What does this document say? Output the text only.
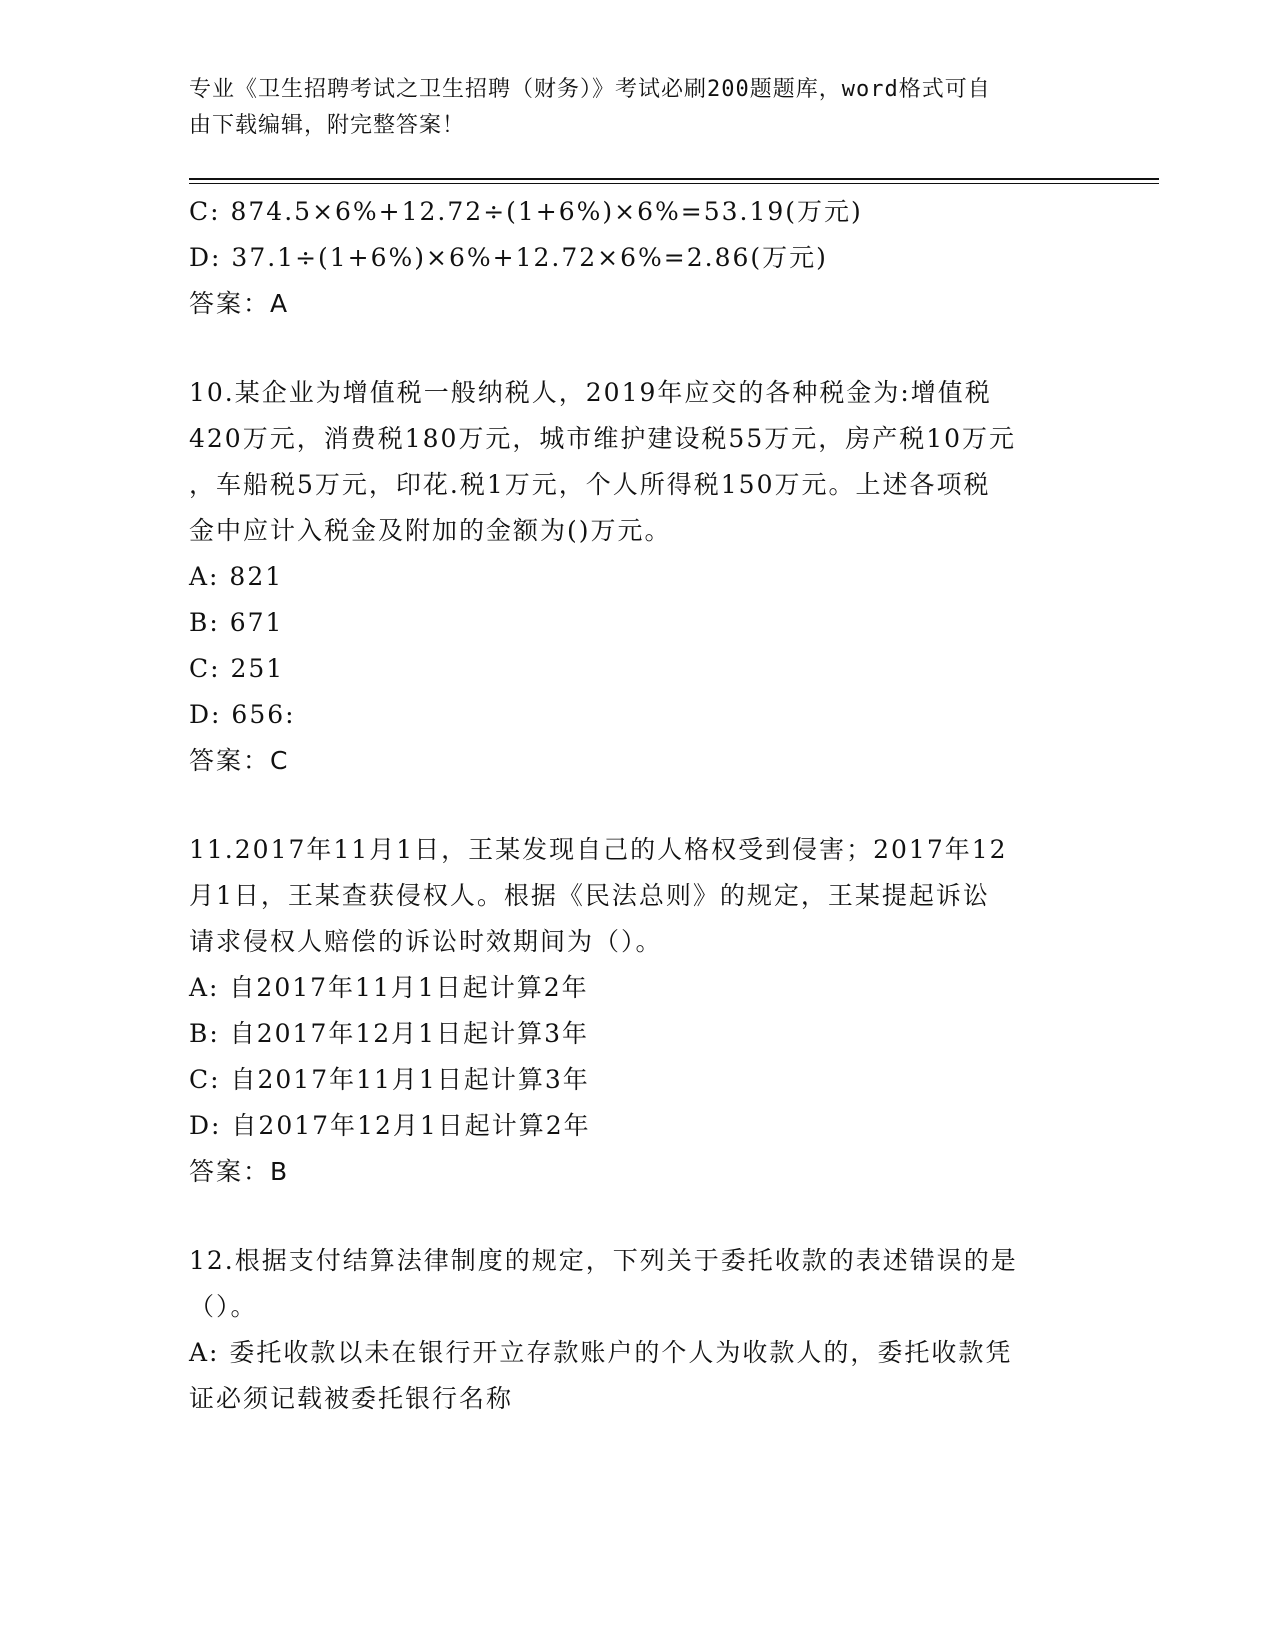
专业《卫生招聘考试之卫生招聘（财务）》考试必刷200题题库，word格式可自
由下载编辑，附完整答案！
C: 874.5×6%+12.72÷(1+6%)×6%=53.19(万元)
D: 37.1÷(1+6%)×6%+12.72×6%=2.86(万元)
答案：A
10.某企业为增值税一般纳税人，2019年应交的各种税金为:增值税
420万元，消费税180万元，城市维护建设税55万元，房产税10万元
，车船税5万元，印花.税1万元，个人所得税150万元。上述各项税
金中应计入税金及附加的金额为()万元。
A: 821
B: 671
C: 251
D: 656:
答案：C
11.2017年11月1日，王某发现自己的人格权受到侵害；2017年12
月1日，王某查获侵权人。根据《民法总则》的规定，王某提起诉讼
请求侵权人赔偿的诉讼时效期间为（）。
A: 自2017年11月1日起计算2年
B: 自2017年12月1日起计算3年
C: 自2017年11月1日起计算3年
D: 自2017年12月1日起计算2年
答案：B
12.根据支付结算法律制度的规定，下列关于委托收款的表述错误的是
（）。
A: 委托收款以未在银行开立存款账户的个人为收款人的，委托收款凭
证必须记载被委托银行名称
